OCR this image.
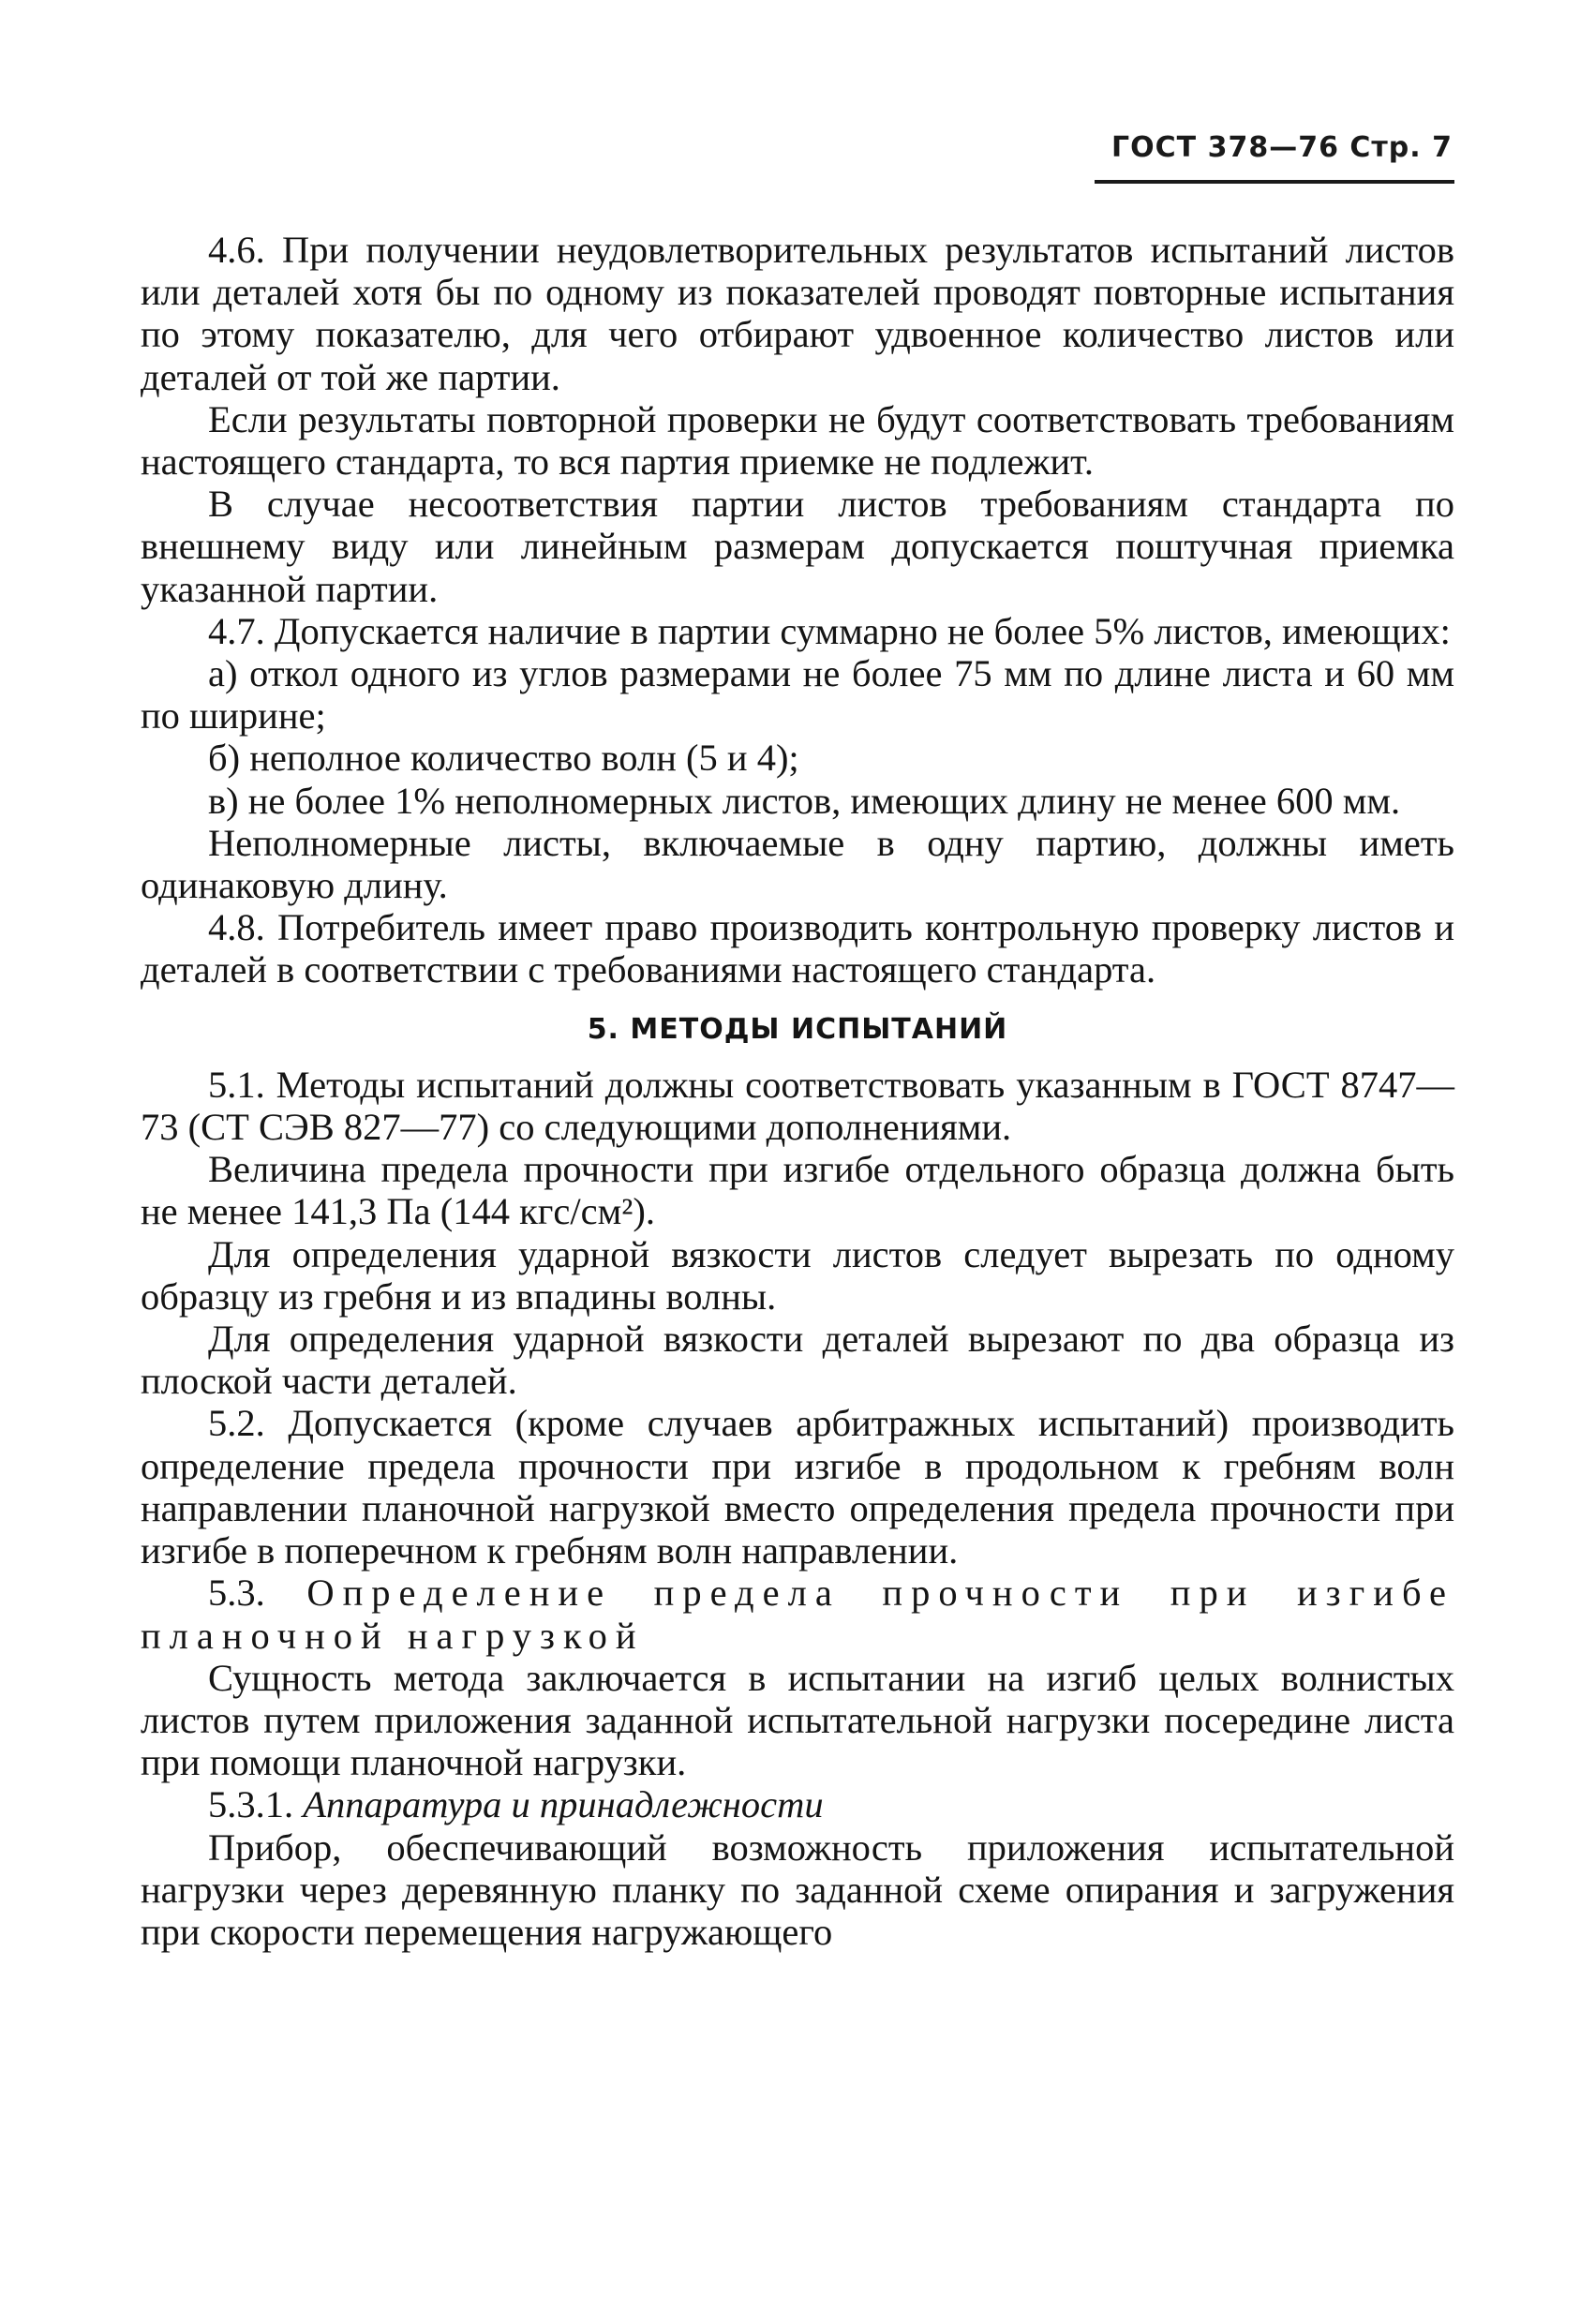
ГОСТ 378—76 Стр. 7

4.6. При получении неудовлетворительных результатов испытаний листов или деталей хотя бы по одному из показателей проводят повторные испытания по этому показателю, для чего отбирают удвоенное количество листов или деталей от той же партии.

Если результаты повторной проверки не будут соответствовать требованиям настоящего стандарта, то вся партия приемке не подлежит.

В случае несоответствия партии листов требованиям стандарта по внешнему виду или линейным размерам допускается поштучная приемка указанной партии.

4.7. Допускается наличие в партии суммарно не более 5% листов, имеющих:

а) откол одного из углов размерами не более 75 мм по длине листа и 60 мм по ширине;

б) неполное количество волн (5 и 4);

в) не более 1% неполномерных листов, имеющих длину не менее 600 мм.

Неполномерные листы, включаемые в одну партию, должны иметь одинаковую длину.

4.8. Потребитель имеет право производить контрольную проверку листов и деталей в соответствии с требованиями настоящего стандарта.

5. МЕТОДЫ ИСПЫТАНИЙ

5.1. Методы испытаний должны соответствовать указанным в ГОСТ 8747—73 (СТ СЭВ 827—77) со следующими дополнениями.

Величина предела прочности при изгибе отдельного образца должна быть не менее 141,3 Па (144 кгс/см²).

Для определения ударной вязкости листов следует вырезать по одному образцу из гребня и из впадины волны.

Для определения ударной вязкости деталей вырезают по два образца из плоской части деталей.

5.2. Допускается (кроме случаев арбитражных испытаний) производить определение предела прочности при изгибе в продольном к гребням волн направлении планочной нагрузкой вместо определения предела прочности при изгибе в поперечном к гребням волн направлении.

5.3. Определение предела прочности при изгибе планочной нагрузкой

Сущность метода заключается в испытании на изгиб целых волнистых листов путем приложения заданной испытательной нагрузки посередине листа при помощи планочной нагрузки.

5.3.1. Аппаратура и принадлежности

Прибор, обеспечивающий возможность приложения испытательной нагрузки через деревянную планку по заданной схеме опирания и загружения при скорости перемещения нагружающего
